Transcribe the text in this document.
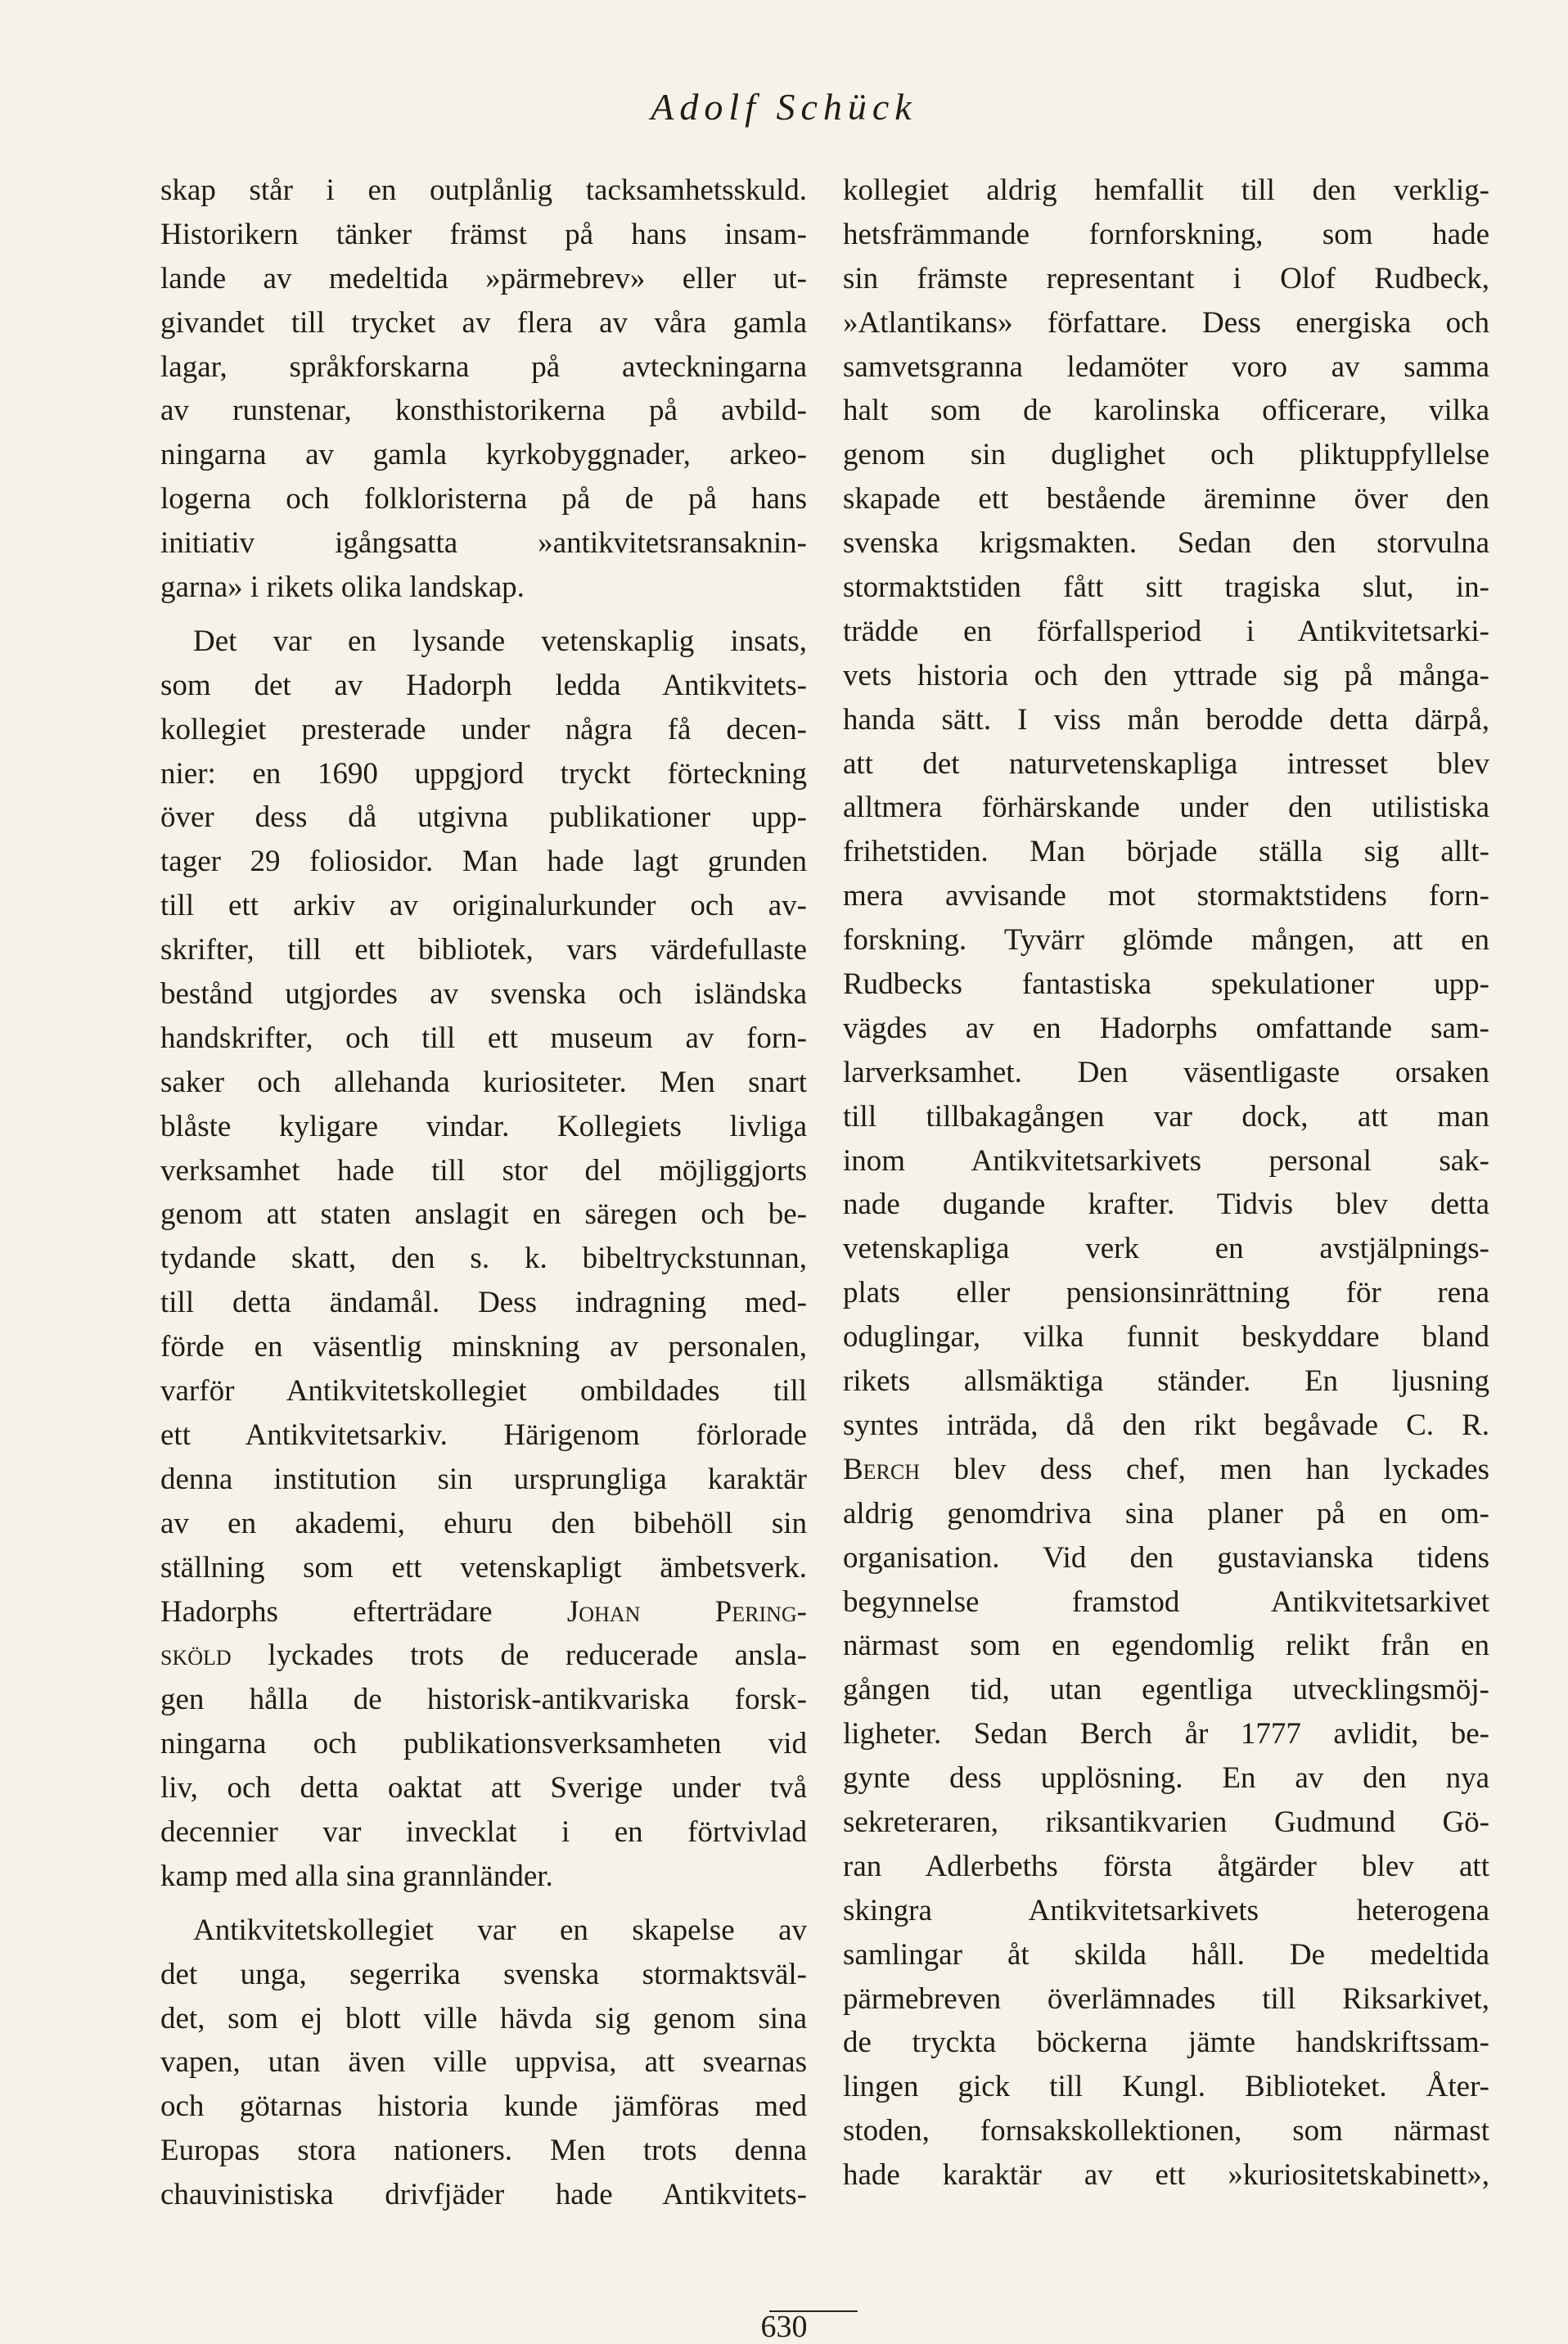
Adolf Schück
skap står i en outplånlig tacksamhetsskuld.
Historikern tänker främst på hans insam-
lande av medeltida »pärmebrev» eller ut-
givandet till trycket av flera av våra gamla
lagar, språkforskarna på avteckningarna
av runstenar, konsthistorikerna på avbild-
ningarna av gamla kyrkobyggnader, arkeo-
logerna och folkloristerna på de på hans
initiativ igångsatta »antikvitetsransaknin-
garna» i rikets olika landskap.
Det var en lysande vetenskaplig insats,
som det av Hadorph ledda Antikvitets-
kollegiet presterade under några få decen-
nier: en 1690 uppgjord tryckt förteckning
över dess då utgivna publikationer upp-
tager 29 foliosidor. Man hade lagt grunden
till ett arkiv av originalurkunder och av-
skrifter, till ett bibliotek, vars värdefullaste
bestånd utgjordes av svenska och isländska
handskrifter, och till ett museum av forn-
saker och allehanda kuriositeter. Men snart
blåste kyligare vindar. Kollegiets livliga
verksamhet hade till stor del möjliggjorts
genom att staten anslagit en säregen och be-
tydande skatt, den s. k. bibeltryckstunnan,
till detta ändamål. Dess indragning med-
förde en väsentlig minskning av personalen,
varför Antikvitetskollegiet ombildades till
ett Antikvitetsarkiv. Härigenom förlorade
denna institution sin ursprungliga karaktär
av en akademi, ehuru den bibehöll sin
ställning som ett vetenskapligt ämbetsverk.
Hadorphs efterträdare Johan Pering-
sköld lyckades trots de reducerade ansla-
gen hålla de historisk-antikvariska forsk-
ningarna och publikationsverksamheten vid
liv, och detta oaktat att Sverige under två
decennier var invecklat i en förtvivlad
kamp med alla sina grannländer.
Antikvitetskollegiet var en skapelse av
det unga, segerrika svenska stormaktsväl-
det, som ej blott ville hävda sig genom sina
vapen, utan även ville uppvisa, att svearnas
och götarnas historia kunde jämföras med
Europas stora nationers. Men trots denna
chauvinistiska drivfjäder hade Antikvitets-
kollegiet aldrig hemfallit till den verklig-
hetsfrämmande fornforskning, som hade
sin främste representant i Olof Rudbeck,
»Atlantikans» författare. Dess energiska och
samvetsgranna ledamöter voro av samma
halt som de karolinska officerare, vilka
genom sin duglighet och pliktuppfyllelse
skapade ett bestående äreminne över den
svenska krigsmakten. Sedan den storvulna
stormaktstiden fått sitt tragiska slut, in-
trädde en förfallsperiod i Antikvitetsarki-
vets historia och den yttrade sig på många-
handa sätt. I viss mån berodde detta därpå,
att det naturvetenskapliga intresset blev
alltmera förhärskande under den utilistiska
frihetstiden. Man började ställa sig allt-
mera avvisande mot stormaktstidens forn-
forskning. Tyvärr glömde mången, att en
Rudbecks fantastiska spekulationer upp-
vägdes av en Hadorphs omfattande sam-
larverksamhet. Den väsentligaste orsaken
till tillbakagången var dock, att man
inom Antikvitetsarkivets personal sak-
nade dugande krafter. Tidvis blev detta
vetenskapliga verk en avstjälpnings-
plats eller pensionsinrättning för rena
oduglingar, vilka funnit beskyddare bland
rikets allsmäktiga ständer. En ljusning
syntes inträda, då den rikt begåvade C. R.
Berch blev dess chef, men han lyckades
aldrig genomdriva sina planer på en om-
organisation. Vid den gustavianska tidens
begynnelse framstod Antikvitetsarkivet
närmast som en egendomlig relikt från en
gången tid, utan egentliga utvecklingsmöj-
ligheter. Sedan Berch år 1777 avlidit, be-
gynte dess upplösning. En av den nya
sekreteraren, riksantikvarien Gudmund Gö-
ran Adlerbeths första åtgärder blev att
skingra Antikvitetsarkivets heterogena
samlingar åt skilda håll. De medeltida
pärmebreven överlämnades till Riksarkivet,
de tryckta böckerna jämte handskriftssam-
lingen gick till Kungl. Biblioteket. Åter-
stoden, fornsakskollektionen, som närmast
hade karaktär av ett »kuriositetskabinett»,
630
